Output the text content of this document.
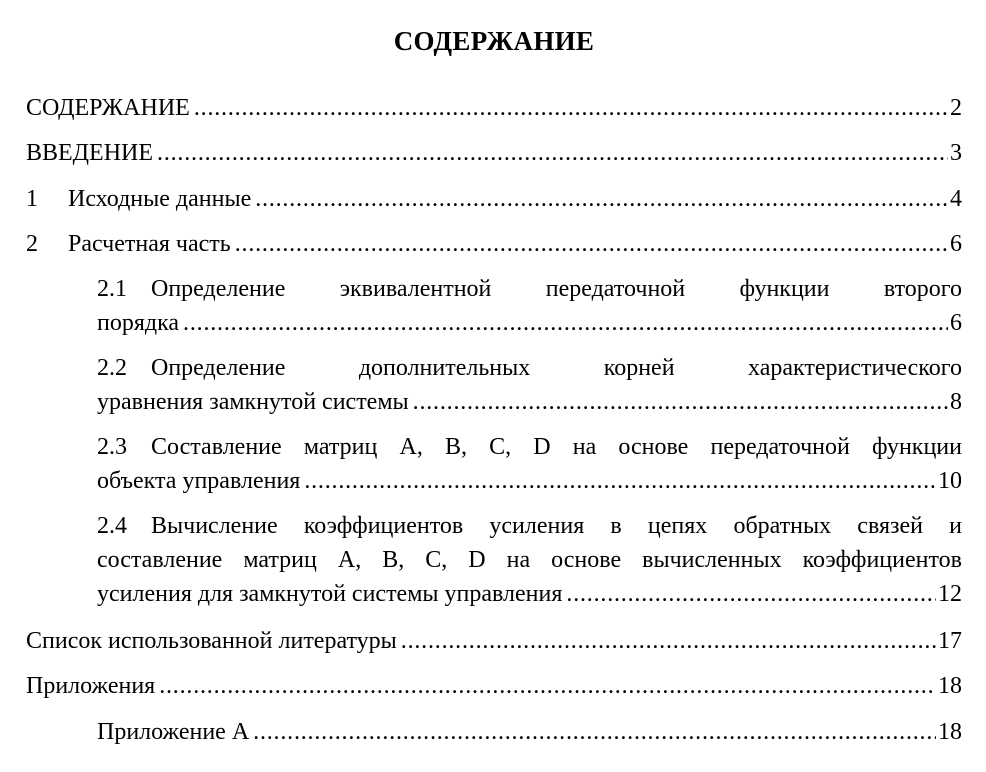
СОДЕРЖАНИЕ
СОДЕРЖАНИЕ . . .	2
ВВЕДЕНИЕ . . .	3
1	Исходные данные . . .	4
2	Расчетная часть . . .	6
2.1 Определение эквивалентной передаточной функции второго
порядка . . .	6
2.2 Определение дополнительных корней характеристического
уравнения замкнутой системы . . .	8
2.3 Составление матриц A, B, C, D на основе передаточной функции
объекта управления . . .	10
2.4 Вычисление коэффициентов усиления в цепях обратных связей и
составление матриц A, B, C, D на основе вычисленных коэффициентов
усиления для замкнутой системы управления . . .	12
Список использованной литературы . . .	17
Приложения . . .	18
Приложение А . . .	18
